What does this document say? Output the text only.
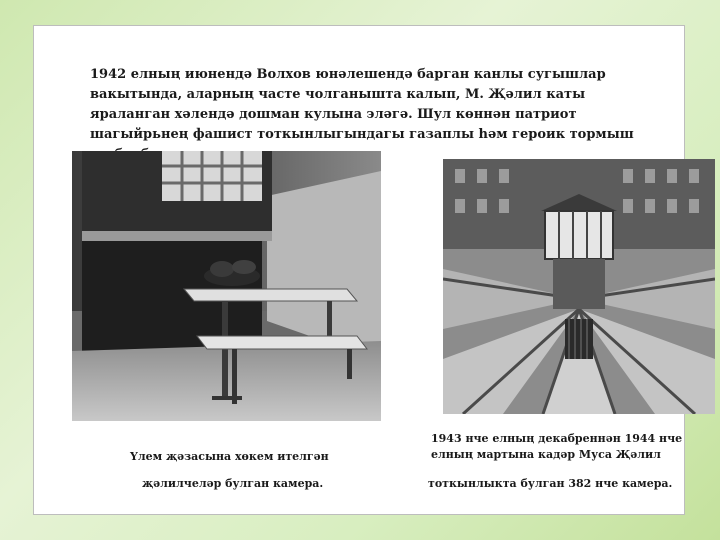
1942 елның июнендә Волхов юнәлешендә барган канлы сугышлар вакытында, аларның часте чолганышта калып, М. Җәлил каты яраланган хәлендә дошман кулына эләгә. Шул көннән патриот шагыйрьнең фашист тоткынлыгындагы газаплы һәм героик тормыш

Үлем җәзасына хөкем ителгән
җәлилчеләр булган камера.
1943 нче елның декабреннән 1944 нче елның мартына кадәр Муса Җәлил
тоткынлыкта булган 382 нче камера.
